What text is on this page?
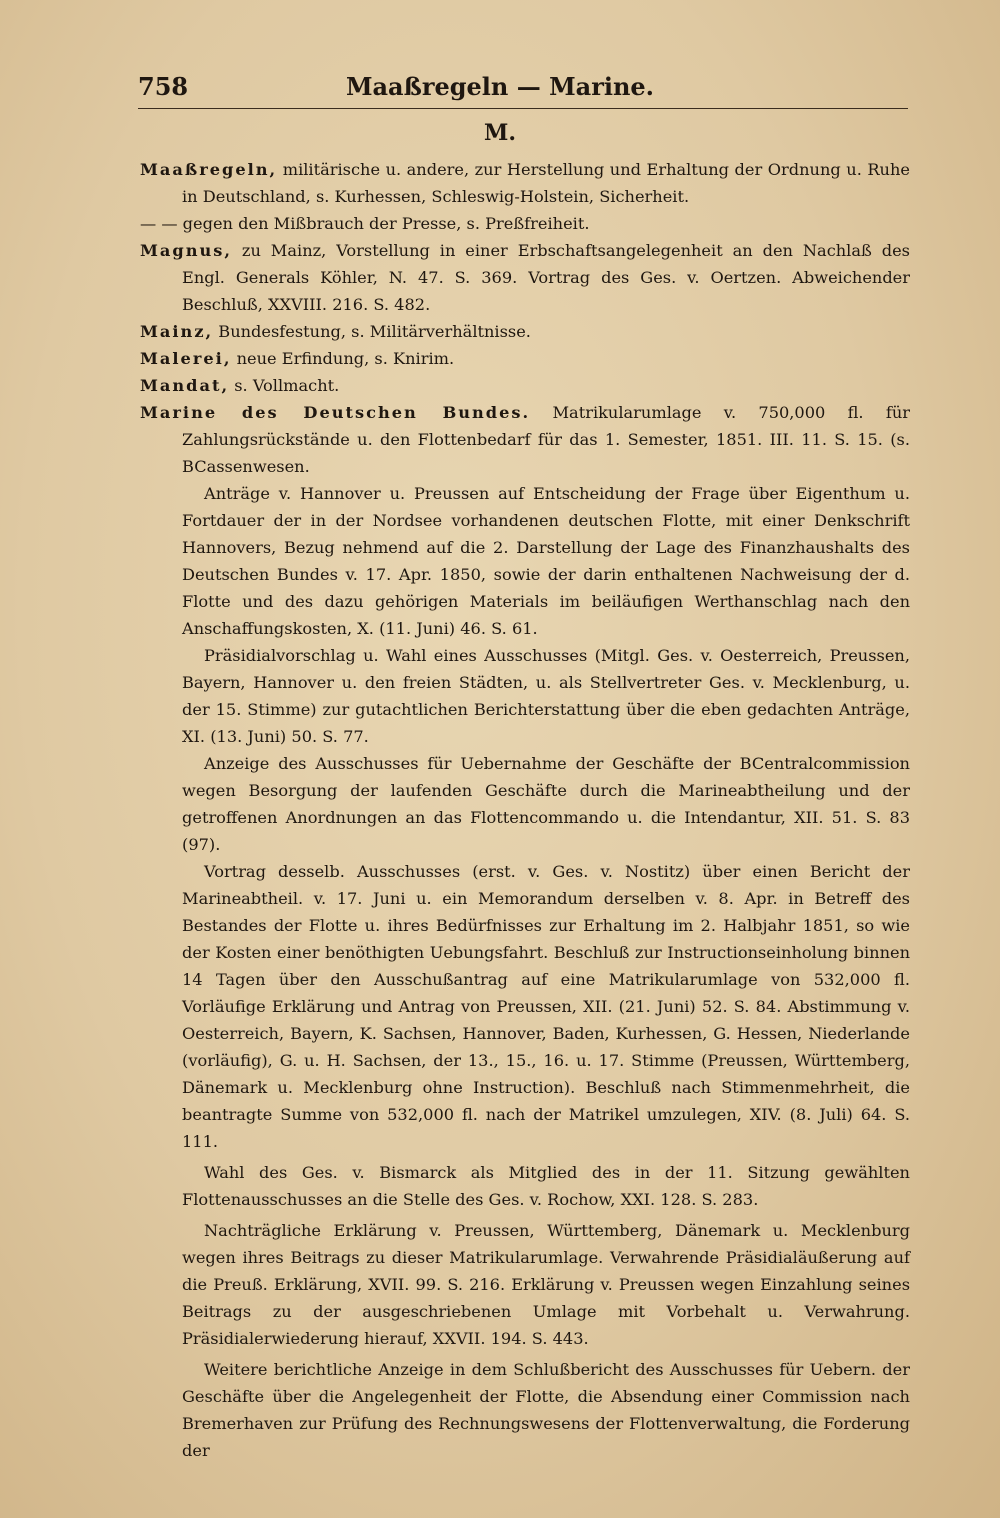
758	Maaßregeln — Marine.
M.
Maaßregeln, militärische u. andere, zur Herstellung und Erhaltung der Ordnung u. Ruhe in Deutschland, s. Kurhessen, Schleswig-Holstein, Sicherheit.
— — gegen den Mißbrauch der Presse, s. Preßfreiheit.
Magnus, zu Mainz, Vorstellung in einer Erbschaftsangelegenheit an den Nachlaß des Engl. Generals Köhler, N. 47. S. 369. Vortrag des Ges. v. Oertzen. Abweichender Beschluß, XXVIII. 216. S. 482.
Mainz, Bundesfestung, s. Militärverhältnisse.
Malerei, neue Erfindung, s. Knirim.
Mandat, s. Vollmacht.
Marine des Deutschen Bundes. Matrikularumlage v. 750,000 fl. für Zahlungsrückstände u. den Flottenbedarf für das 1. Semester, 1851. III. 11. S. 15. (s. BCassenwesen.
Anträge v. Hannover u. Preussen auf Entscheidung der Frage über Eigenthum u. Fortdauer der in der Nordsee vorhandenen deutschen Flotte, mit einer Denkschrift Hannovers, Bezug nehmend auf die 2. Darstellung der Lage des Finanzhaushalts des Deutschen Bundes v. 17. Apr. 1850, sowie der darin enthaltenen Nachweisung der d. Flotte und des dazu gehörigen Materials im beiläufigen Werthanschlag nach den Anschaffungskosten, X. (11. Juni) 46. S. 61.
Präsidialvorschlag u. Wahl eines Ausschusses (Mitgl. Ges. v. Oesterreich, Preussen, Bayern, Hannover u. den freien Städten, u. als Stellvertreter Ges. v. Mecklenburg, u. der 15. Stimme) zur gutachtlichen Berichterstattung über die eben gedachten Anträge, XI. (13. Juni) 50. S. 77.
Anzeige des Ausschusses für Uebernahme der Geschäfte der BCentralcommission wegen Besorgung der laufenden Geschäfte durch die Marineabtheilung und der getroffenen Anordnungen an das Flottencommando u. die Intendantur, XII. 51. S. 83 (97).
Vortrag desselb. Ausschusses (erst. v. Ges. v. Nostitz) über einen Bericht der Marineabtheil. v. 17. Juni u. ein Memorandum derselben v. 8. Apr. in Betreff des Bestandes der Flotte u. ihres Bedürfnisses zur Erhaltung im 2. Halbjahr 1851, so wie der Kosten einer benöthigten Uebungsfahrt. Beschluß zur Instructionseinholung binnen 14 Tagen über den Ausschußantrag auf eine Matrikularumlage von 532,000 fl. Vorläufige Erklärung und Antrag von Preussen, XII. (21. Juni) 52. S. 84. Abstimmung v. Oesterreich, Bayern, K. Sachsen, Hannover, Baden, Kurhessen, G. Hessen, Niederlande (vorläufig), G. u. H. Sachsen, der 13., 15., 16. u. 17. Stimme (Preussen, Württemberg, Dänemark u. Mecklenburg ohne Instruction). Beschluß nach Stimmenmehrheit, die beantragte Summe von 532,000 fl. nach der Matrikel umzulegen, XIV. (8. Juli) 64. S. 111.
Wahl des Ges. v. Bismarck als Mitglied des in der 11. Sitzung gewählten Flottenausschusses an die Stelle des Ges. v. Rochow, XXI. 128. S. 283.
Nachträgliche Erklärung v. Preussen, Württemberg, Dänemark u. Mecklenburg wegen ihres Beitrags zu dieser Matrikularumlage. Verwahrende Präsidialäußerung auf die Preuß. Erklärung, XVII. 99. S. 216. Erklärung v. Preussen wegen Einzahlung seines Beitrags zu der ausgeschriebenen Umlage mit Vorbehalt u. Verwahrung. Präsidialerwiederung hierauf, XXVII. 194. S. 443.
Weitere berichtliche Anzeige in dem Schlußbericht des Ausschusses für Uebern. der Geschäfte über die Angelegenheit der Flotte, die Absendung einer Commission nach Bremerhaven zur Prüfung des Rechnungswesens der Flottenverwaltung, die Forderung der
